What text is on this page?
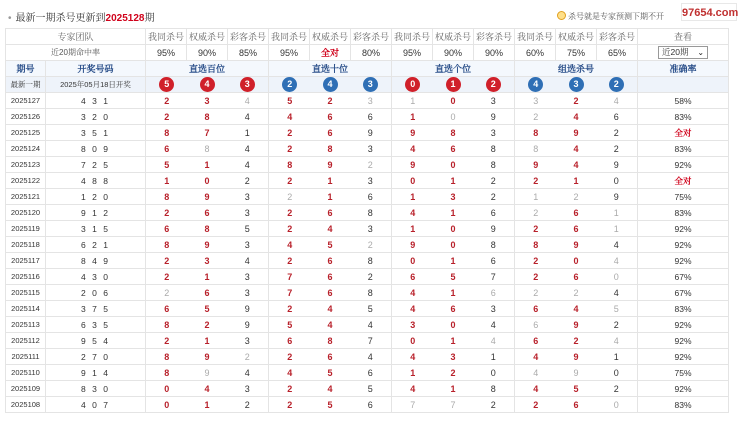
• 最新一期杀号更新到2025128期	杀号就是专家预测下期不开	97654.com
专家团队		我同杀号	权威杀号	彩客杀号	我同杀号	权威杀号	彩客杀号	我同杀号	权威杀号	彩客杀号	我同杀号	权威杀号	彩客杀号	查看
近20期命中率		95%	90%	85%	95%	全对	80%	95%	90%	90%	60%	75%	65%	近20期 ⌄

期号	开奖号码	直选百位			直选十位			直选个位			组选杀号			准确率
最新一期	2025年05月18日开奖	5 4 3			2 4 3			0 1 2			4 3 2			
2025127	4 3 1	2 3 4			5 2 3			1 0 3			3 2 4			58%
2025126	3 2 0	2 8 4			4 6 6			1 0 9			2 4 6			83%
2025125	3 5 1	8 7 1			2 6 9			9 8 3			8 9 2			全对
2025124	8 0 9	6 8 4			2 8 3			4 6 8			8 4 2			83%
2025123	7 2 5	5 1 4			8 9 2			9 0 8			9 4 9			92%
2025122	4 8 8	1 0 2			2 1 3			0 1 2			2 1 0			全对
2025121	1 2 0	8 9 3			2 1 6			1 3 2			1 2 9			75%
2025120	9 1 2	2 6 3			2 6 8			4 1 6			2 6 1			83%
2025119	3 1 5	6 8 5			2 4 3			1 0 9			2 6 1			92%
2025118	6 2 1	8 9 3			4 5 2			9 0 8			8 9 4			92%
2025117	8 4 9	2 3 4			2 6 8			0 1 6			2 0 4			92%
2025116	4 3 0	2 1 3			7 6 2			6 5 7			2 6 0			67%
2025115	2 0 6	2 6 3			7 6 8			4 1 6			2 2 4			67%
2025114	3 7 5	6 5 9			2 4 5			4 6 3			6 4 5			83%
2025113	6 3 5	8 2 9			5 4 4			3 0 4			6 9 2			92%
2025112	9 5 4	2 1 3			6 8 7			0 1 4			6 2 4			92%
2025111	2 7 0	8 9 2			2 6 4			4 3 1			4 9 1			92%
2025110	9 1 4	8 9 4			4 5 6			1 2 0			4 9 0			75%
2025109	8 3 0	0 4 3			2 4 5			4 1 8			4 5 2			92%
2025108	4 0 7	0 1 2			2 5 6			7 7 2			2 6 0			83%
